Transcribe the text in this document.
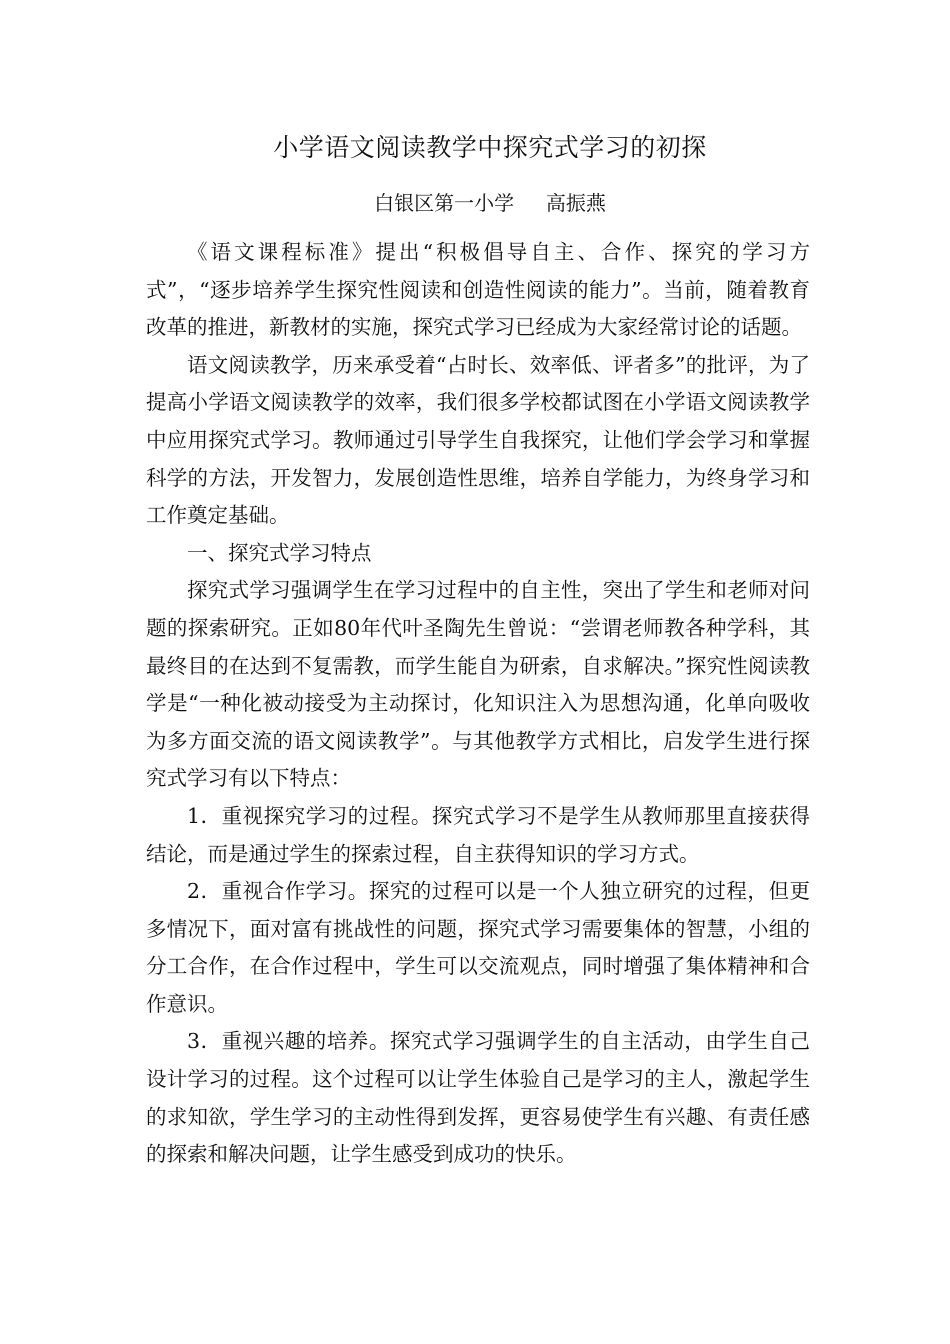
小学语文阅读教学中探究式学习的初探
白银区第一小学     高振燕

《语文课程标准》提出“积极倡导自主、合作、探究的学习方式”，“逐步培养学生探究性阅读和创造性阅读的能力”。当前，随着教育改革的推进，新教材的实施，探究式学习已经成为大家经常讨论的话题。

语文阅读教学，历来承受着“占时长、效率低、评者多”的批评，为了提高小学语文阅读教学的效率，我们很多学校都试图在小学语文阅读教学中应用探究式学习。教师通过引导学生自我探究，让他们学会学习和掌握科学的方法，开发智力，发展创造性思维，培养自学能力，为终身学习和工作奠定基础。

一、探究式学习特点

探究式学习强调学生在学习过程中的自主性，突出了学生和老师对问题的探索研究。正如80年代叶圣陶先生曾说：“尝谓老师教各种学科，其最终目的在达到不复需教，而学生能自为研索，自求解决。”探究性阅读教学是“一种化被动接受为主动探讨，化知识注入为思想沟通，化单向吸收为多方面交流的语文阅读教学”。与其他教学方式相比，启发学生进行探究式学习有以下特点：

1．重视探究学习的过程。探究式学习不是学生从教师那里直接获得结论，而是通过学生的探索过程，自主获得知识的学习方式。

2．重视合作学习。探究的过程可以是一个人独立研究的过程，但更多情况下，面对富有挑战性的问题，探究式学习需要集体的智慧，小组的分工合作，在合作过程中，学生可以交流观点，同时增强了集体精神和合作意识。

3．重视兴趣的培养。探究式学习强调学生的自主活动，由学生自己设计学习的过程。这个过程可以让学生体验自己是学习的主人，激起学生的求知欲，学生学习的主动性得到发挥，更容易使学生有兴趣、有责任感的探索和解决问题，让学生感受到成功的快乐。
